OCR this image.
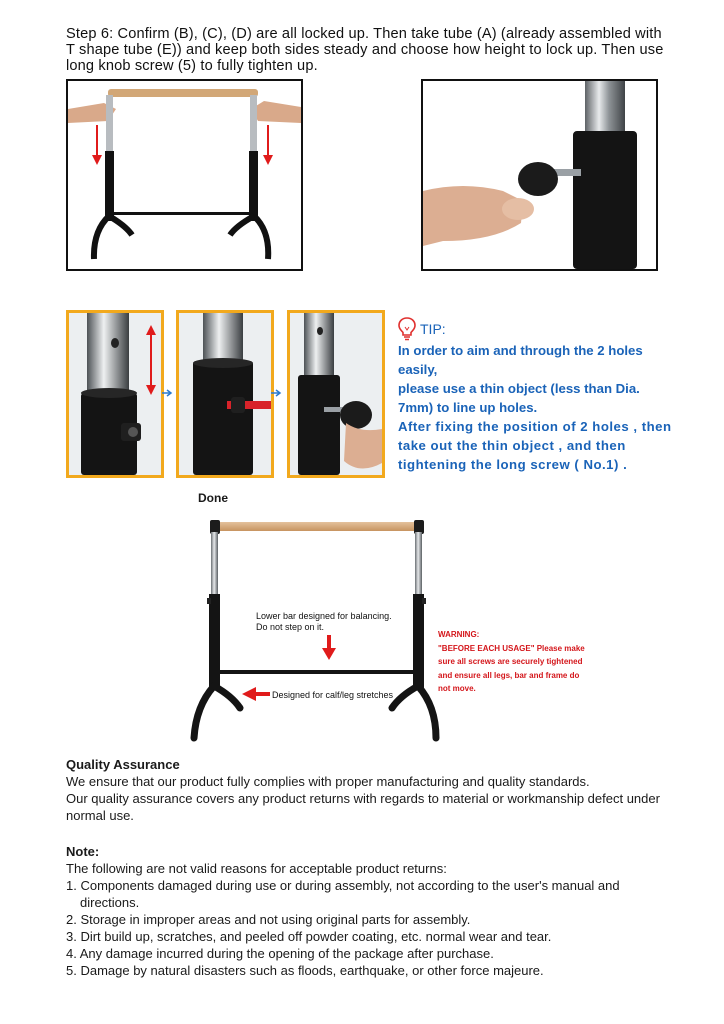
Step 6: Confirm (B), (C), (D) are all locked up. Then take tube (A) (already assembled with T shape tube (E)) and keep both sides steady and choose how height to lock up. Then use long knob screw (5) to fully tighten up.
TIP:
In order to aim and through the 2 holes easily,
please use a thin object (less than Dia. 7mm) to line up holes.
After fixing the position of 2 holes , then take out the thin object , and then tightening the long screw ( No.1) .
Done
Lower bar designed for balancing.
Do not step on it.
Designed for calf/leg stretches
WARNING:
"BEFORE EACH USAGE" Please make
sure all screws are securely tightened
and ensure all legs, bar and frame do
not move.
Quality Assurance

We ensure that our product fully complies with proper manufacturing and quality standards.

Our quality assurance covers any product returns with regards to material or workmanship defect under normal use.

Note:
The following are not valid reasons for acceptable product returns:
1. Components damaged during use or during assembly, not according to the user's manual and directions.
2. Storage in improper areas and not using original parts for assembly.
3. Dirt build up, scratches, and peeled off powder coating, etc. normal wear and tear.
4. Any damage incurred during the opening of the package after purchase.
5. Damage by natural disasters such as floods, earthquake, or other force majeure.
